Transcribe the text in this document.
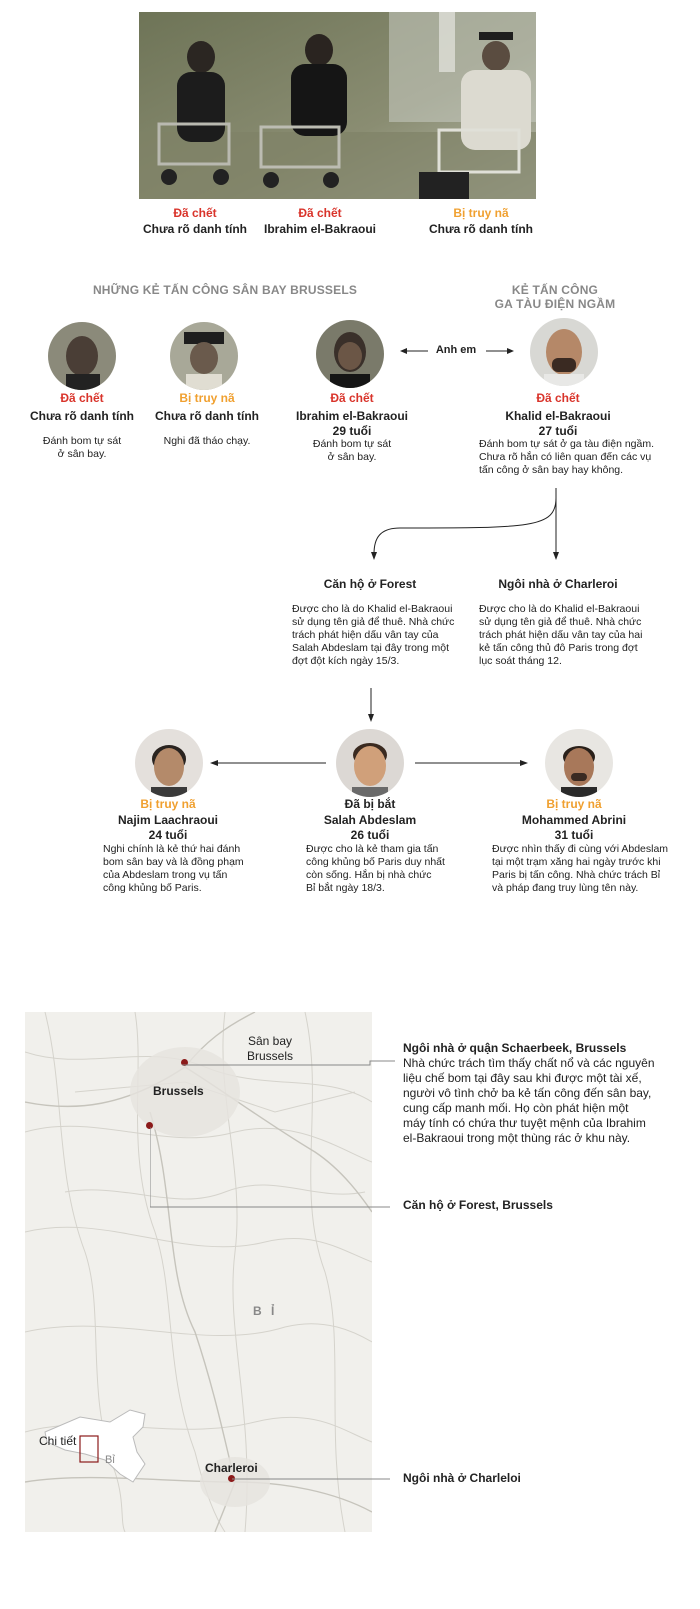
Đã chết
Chưa rõ danh tính
Đã chết
Ibrahim el-Bakraoui
Bị truy nã
Chưa rõ danh tính
NHỮNG KẺ TẤN CÔNG SÂN BAY BRUSSELS	KẺ TẤN CÔNG
GA TÀU ĐIỆN NGẦM
Anh em
Đã chết
Chưa rõ danh tính
Đánh bom tự sát
ở sân bay.
Bị truy nã
Chưa rõ danh tính
Nghi đã tháo chạy.
Đã chết
Ibrahim el-Bakraoui
29 tuổi
Đánh bom tự sát
ở sân bay.
Đã chết
Khalid el-Bakraoui
27 tuổi
Đánh bom tự sát ở ga tàu điện ngầm.
Chưa rõ hắn có liên quan đến các vụ
tấn công ở sân bay hay không.
Căn hộ ở Forest
Được cho là do Khalid el-Bakraoui
sử dụng tên giả để thuê. Nhà chức
trách phát hiện dấu vân tay của
Salah Abdeslam tại đây trong một
đợt đột kích ngày 15/3.
Ngôi nhà ở Charleroi
Được cho là do Khalid el-Bakraoui
sử dụng tên giả để thuê. Nhà chức
trách phát hiện dấu vân tay của hai
kẻ tấn công thủ đô Paris trong đợt
lục soát tháng 12.
Bị truy nã
Najim Laachraoui
24 tuổi
Nghi chính là kẻ thứ hai đánh
bom sân bay và là đồng phạm
của Abdeslam trong vụ tấn
công khủng bố Paris.
Đã bị bắt
Salah Abdeslam
26 tuổi
Được cho là kẻ tham gia tấn
công khủng bố Paris duy nhất
còn sống. Hắn bị nhà chức
Bỉ bắt ngày 18/3.
Bị truy nã
Mohammed Abrini
31 tuổi
Được nhìn thấy đi cùng với Abdeslam
tại một trạm xăng hai ngày trước khi
Paris bị tấn công. Nhà chức trách Bỉ
và pháp đang truy lùng tên này.
Sân bay
Brussels
Brussels
B Ỉ
Charleroi
Chi tiết
Bỉ
Ngôi nhà ở quận Schaerbeek, Brussels
Nhà chức trách tìm thấy chất nổ và các nguyên
liệu chế bom tại đây sau khi được một tài xế,
người vô tình chở ba kẻ tấn công đến sân bay,
cung cấp manh mối. Họ còn phát hiện một
máy tính có chứa thư tuyệt mệnh của Ibrahim
el-Bakraoui trong một thùng rác ở khu này.
Căn hộ ở Forest, Brussels
Ngôi nhà ở Charleloi
